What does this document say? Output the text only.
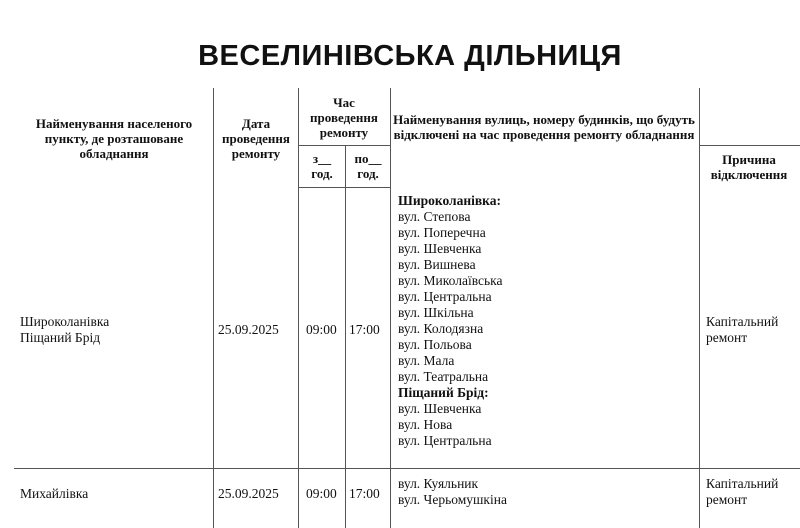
ВЕСЕЛИНІВСЬКА ДІЛЬНИЦЯ
Найменування населеного пункту, де розташоване обладнання
Дата проведення ремонту
Час проведення ремонту
з__ год.
по__ год.
Найменування вулиць, номеру будинків, що будуть відключені на час проведення ремонту обладнання
Причина відключення
Широколанівка
Піщаний Брід
25.09.2025 09:00 17:00
Капітальний
ремонт
Широколанівка:
вул. Степова
вул. Поперечна
вул. Шевченка
вул. Вишнева
вул. Миколаївська
вул. Центральна
вул. Шкільна
вул. Колодязна
вул. Польова
вул. Мала
вул. Театральна
Піщаний Брід:
вул. Шевченка
вул. Нова
вул. Центральна
Михайлівка	25.09.2025 09:00 17:00
Капітальний
ремонт
вул. Куяльник
вул. Черьомушкіна
